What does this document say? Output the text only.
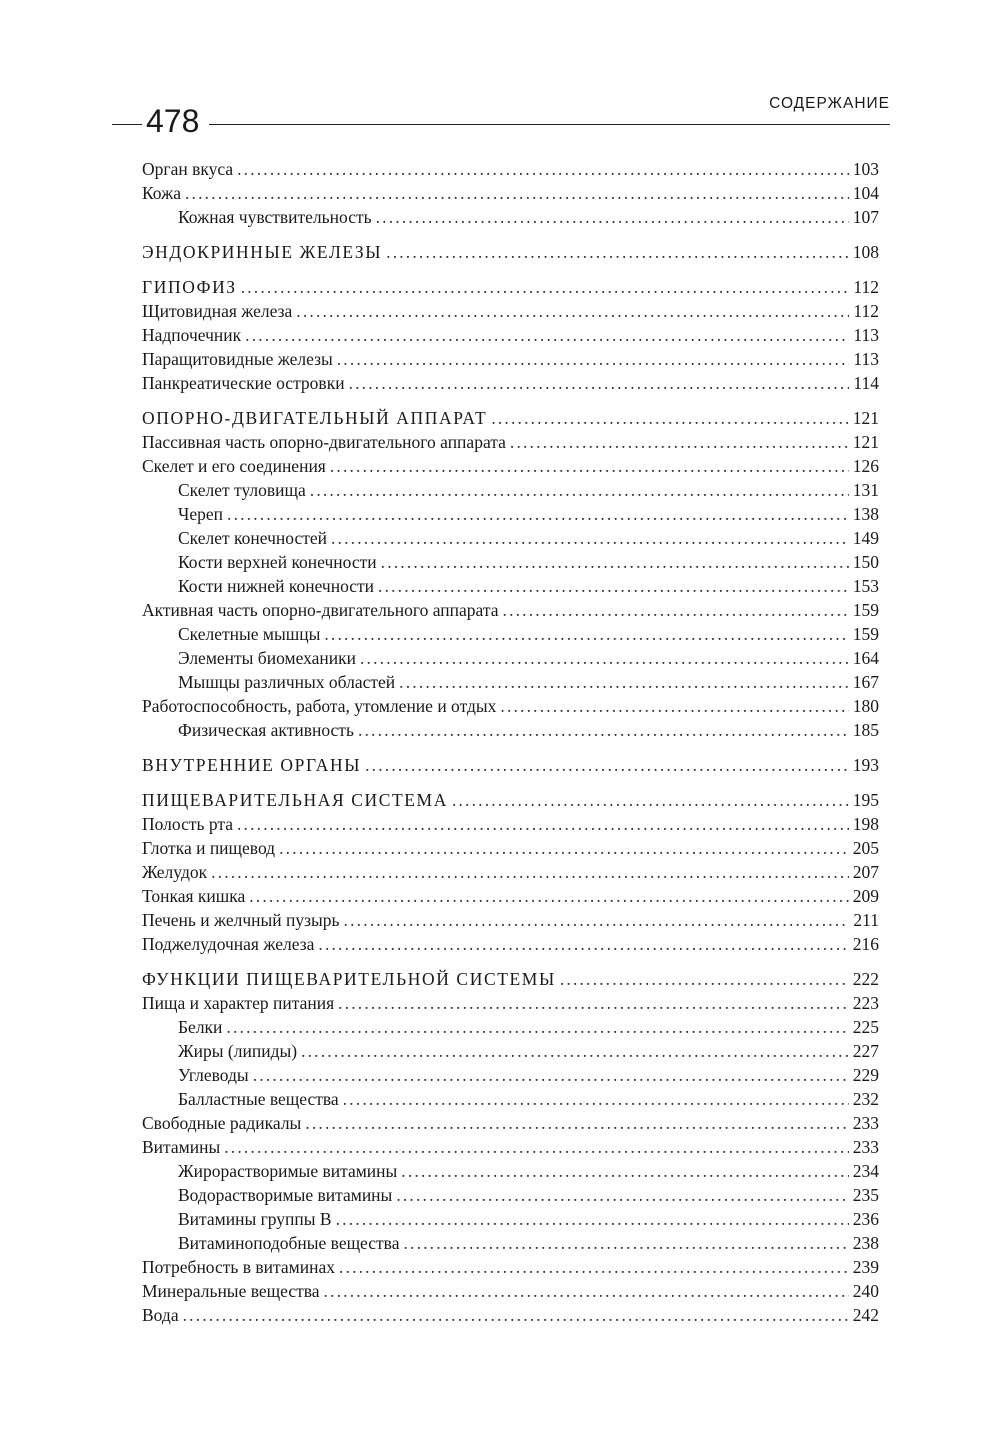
478	СОДЕРЖАНИЕ
Орган вкуса . . .	103
Кожа . . .	104
Кожная чувствительность . . .	107
ЭНДОКРИННЫЕ ЖЕЛЕЗЫ . . .	108
ГИПОФИЗ . . .	112
Щитовидная железа . . .	112
Надпочечник . . .	113
Паращитовидные железы . . .	113
Панкреатические островки . . .	114
ОПОРНО-ДВИГАТЕЛЬНЫЙ АППАРАТ . . .	121
Пассивная часть опорно-двигательного аппарата . . .	121
Скелет и его соединения . . .	126
Скелет туловища . . .	131
Череп . . .	138
Скелет конечностей . . .	149
Кости верхней конечности . . .	150
Кости нижней конечности . . .	153
Активная часть опорно-двигательного аппарата . . .	159
Скелетные мышцы . . .	159
Элементы биомеханики . . .	164
Мышцы различных областей . . .	167
Работоспособность, работа, утомление и отдых . . .	180
Физическая активность . . .	185
ВНУТРЕННИЕ ОРГАНЫ . . .	193
ПИЩЕВАРИТЕЛЬНАЯ СИСТЕМА . . .	195
Полость рта . . .	198
Глотка и пищевод . . .	205
Желудок . . .	207
Тонкая кишка . . .	209
Печень и желчный пузырь . . .	211
Поджелудочная железа . . .	216
ФУНКЦИИ ПИЩЕВАРИТЕЛЬНОЙ СИСТЕМЫ . . .	222
Пища и характер питания . . .	223
Белки . . .	225
Жиры (липиды) . . .	227
Углеводы . . .	229
Балластные вещества . . .	232
Свободные радикалы . . .	233
Витамины . . .	233
Жирорастворимые витамины . . .	234
Водорастворимые витамины . . .	235
Витамины группы В . . .	236
Витаминоподобные вещества . . .	238
Потребность в витаминах . . .	239
Минеральные вещества . . .	240
Вода . . .	242
